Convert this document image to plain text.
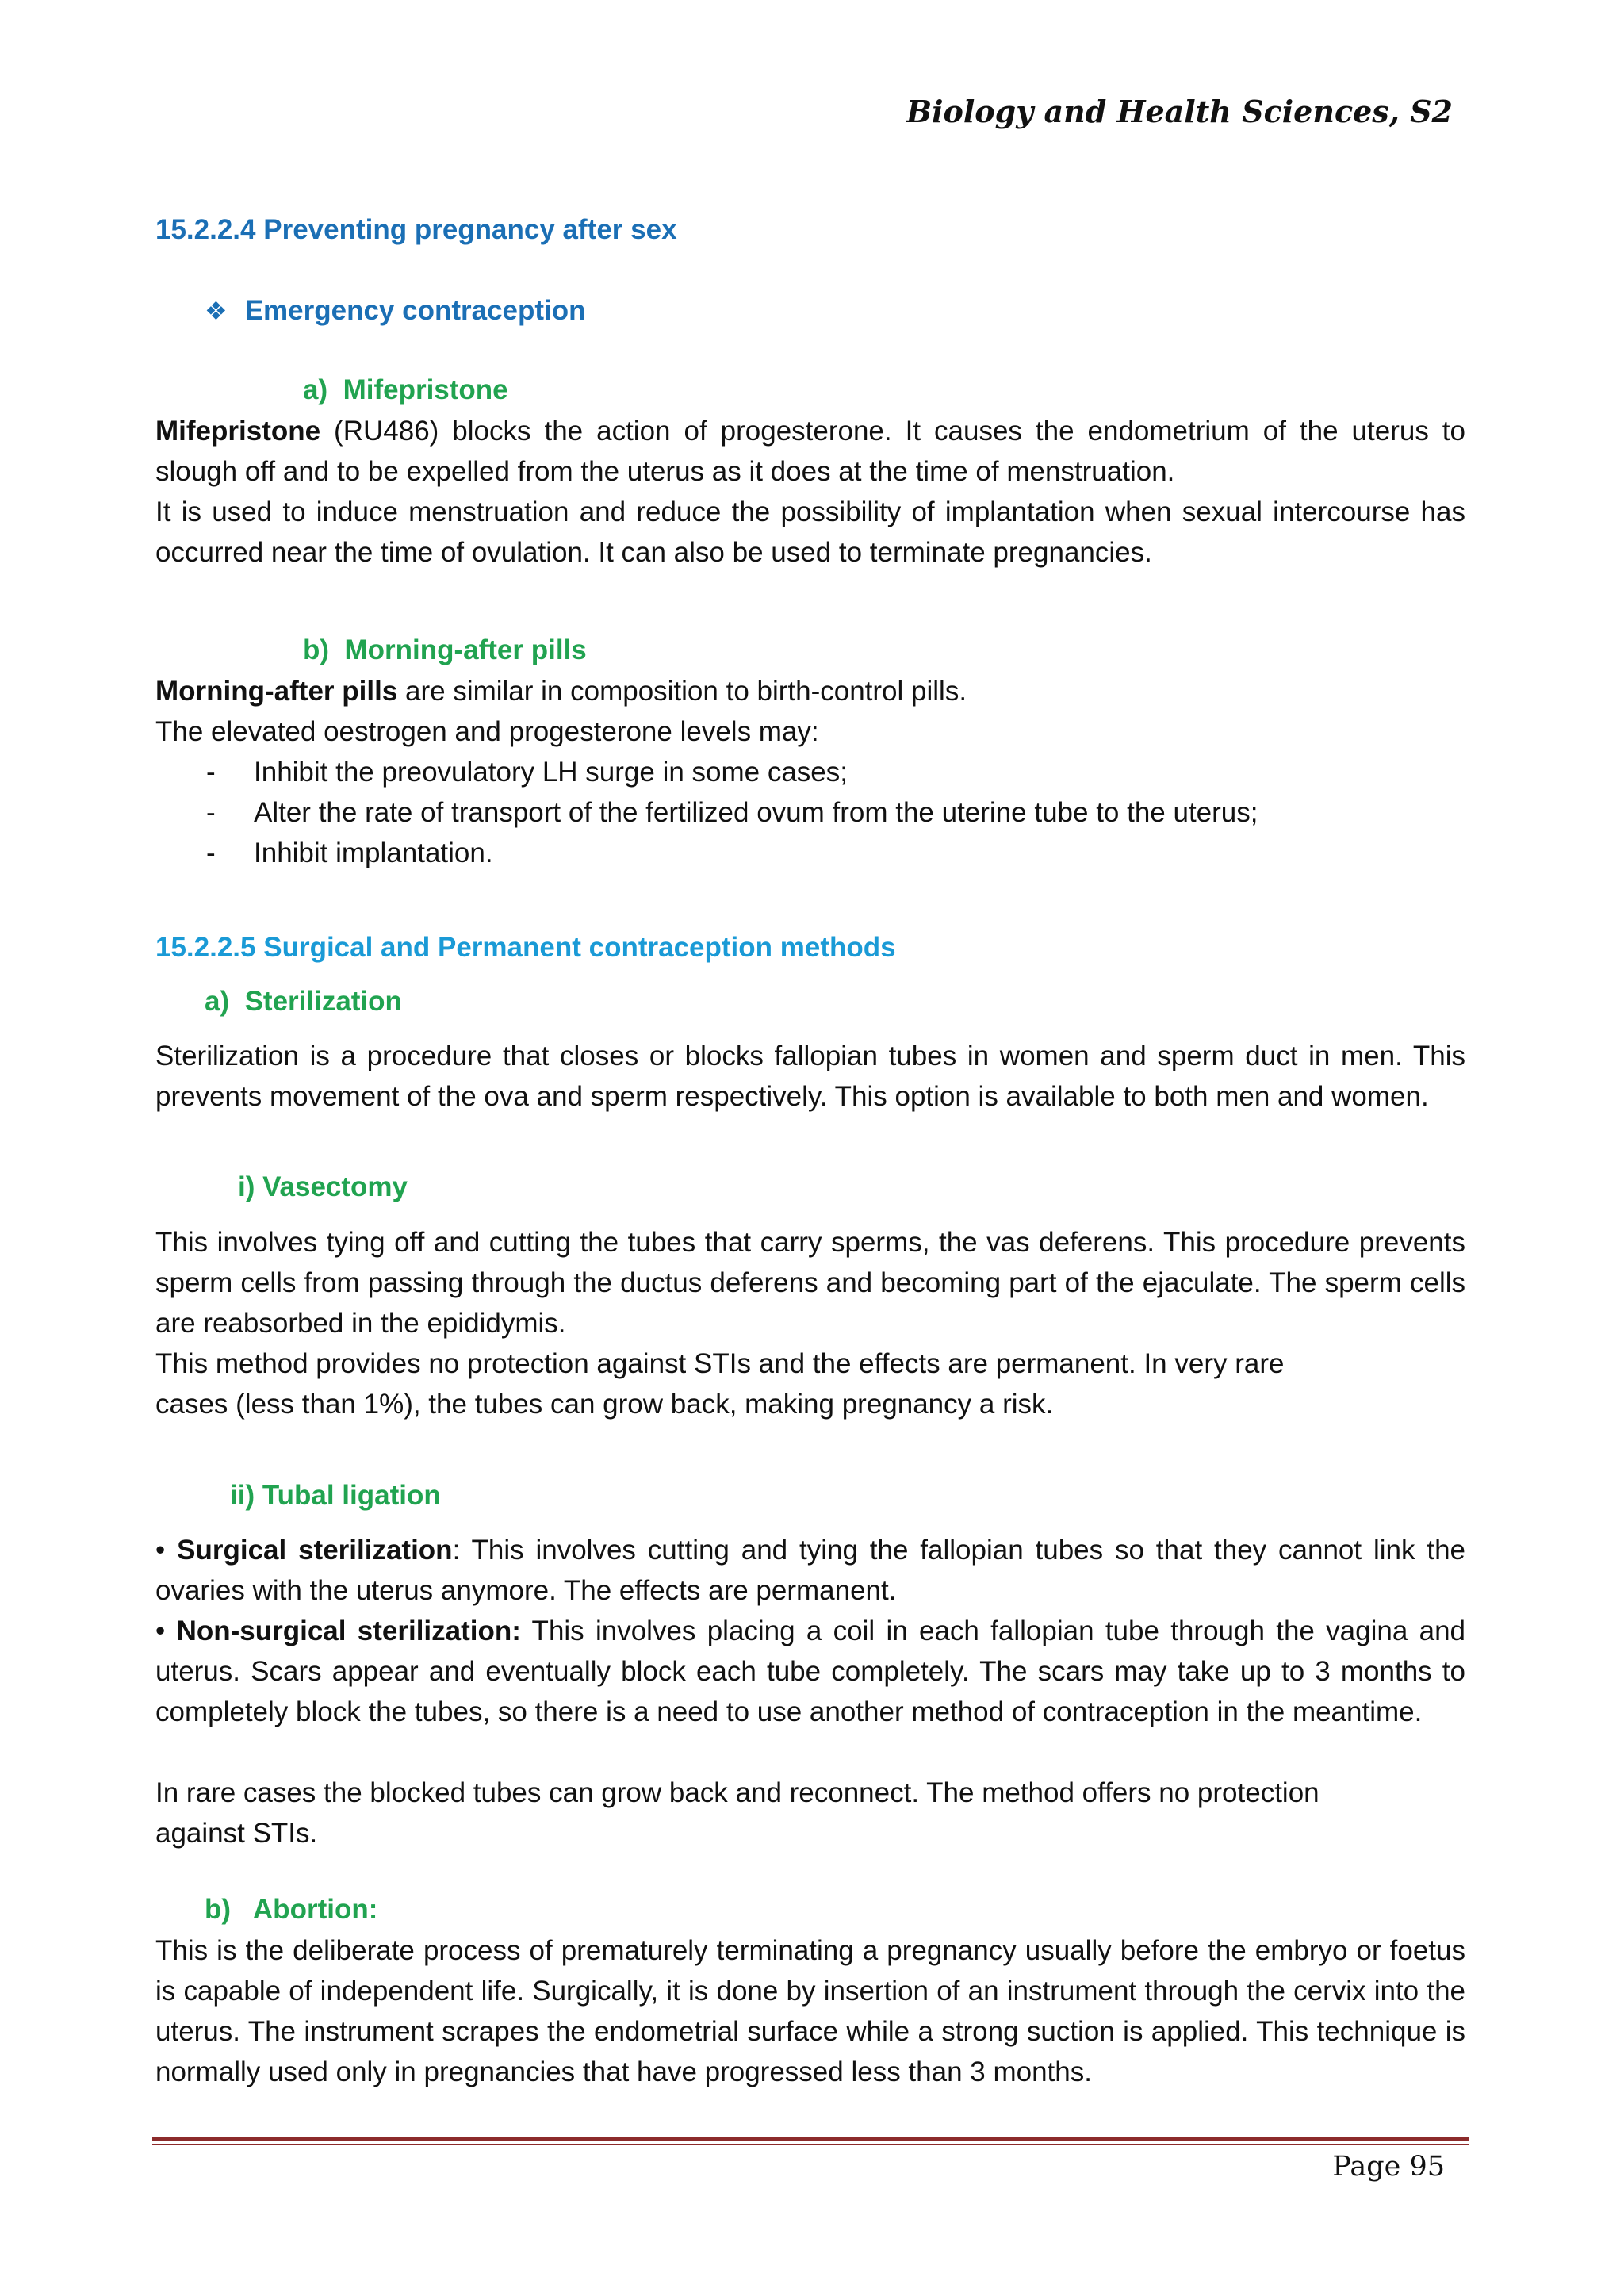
Biology and Health Sciences, S2
15.2.2.4 Preventing pregnancy after sex
❖ Emergency contraception
a)  Mifepristone
Mifepristone (RU486) blocks the action of progesterone. It causes the endometrium of the uterus to slough off and to be expelled from the uterus as it does at the time of menstruation.
It is used to induce menstruation and reduce the possibility of implantation when sexual intercourse has occurred near the time of ovulation. It can also be used to terminate pregnancies.
b)  Morning-after pills
Morning-after pills are similar in composition to birth-control pills.
The elevated oestrogen and progesterone levels may:
- Inhibit the preovulatory LH surge in some cases;
- Alter the rate of transport of the fertilized ovum from the uterine tube to the uterus;
- Inhibit implantation.
15.2.2.5 Surgical and Permanent contraception methods
a)  Sterilization
Sterilization is a procedure that closes or blocks fallopian tubes in women and sperm duct in men. This prevents movement of the ova and sperm respectively. This option is available to both men and women.
i) Vasectomy
This involves tying off and cutting the tubes that carry sperms, the vas deferens. This procedure prevents sperm cells from passing through the ductus deferens and becoming part of the ejaculate. The sperm cells are reabsorbed in the epididymis.
This method provides no protection against STIs and the effects are permanent. In very rare
cases (less than 1%), the tubes can grow back, making pregnancy a risk.
ii) Tubal ligation
• Surgical sterilization: This involves cutting and tying the fallopian tubes so that they cannot link the ovaries with the uterus anymore. The effects are permanent.
• Non-surgical sterilization: This involves placing a coil in each fallopian tube through the vagina and uterus. Scars appear and eventually block each tube completely. The scars may take up to 3 months to completely block the tubes, so there is a need to use another method of contraception in the meantime.
In rare cases the blocked tubes can grow back and reconnect. The method offers no protection
against STIs.
b)   Abortion:
This is the deliberate process of prematurely terminating a pregnancy usually before the embryo or foetus is capable of independent life. Surgically, it is done by insertion of an instrument through the cervix into the uterus. The instrument scrapes the endometrial surface while a strong suction is applied. This technique is normally used only in pregnancies that have progressed less than 3 months.
Page 95
